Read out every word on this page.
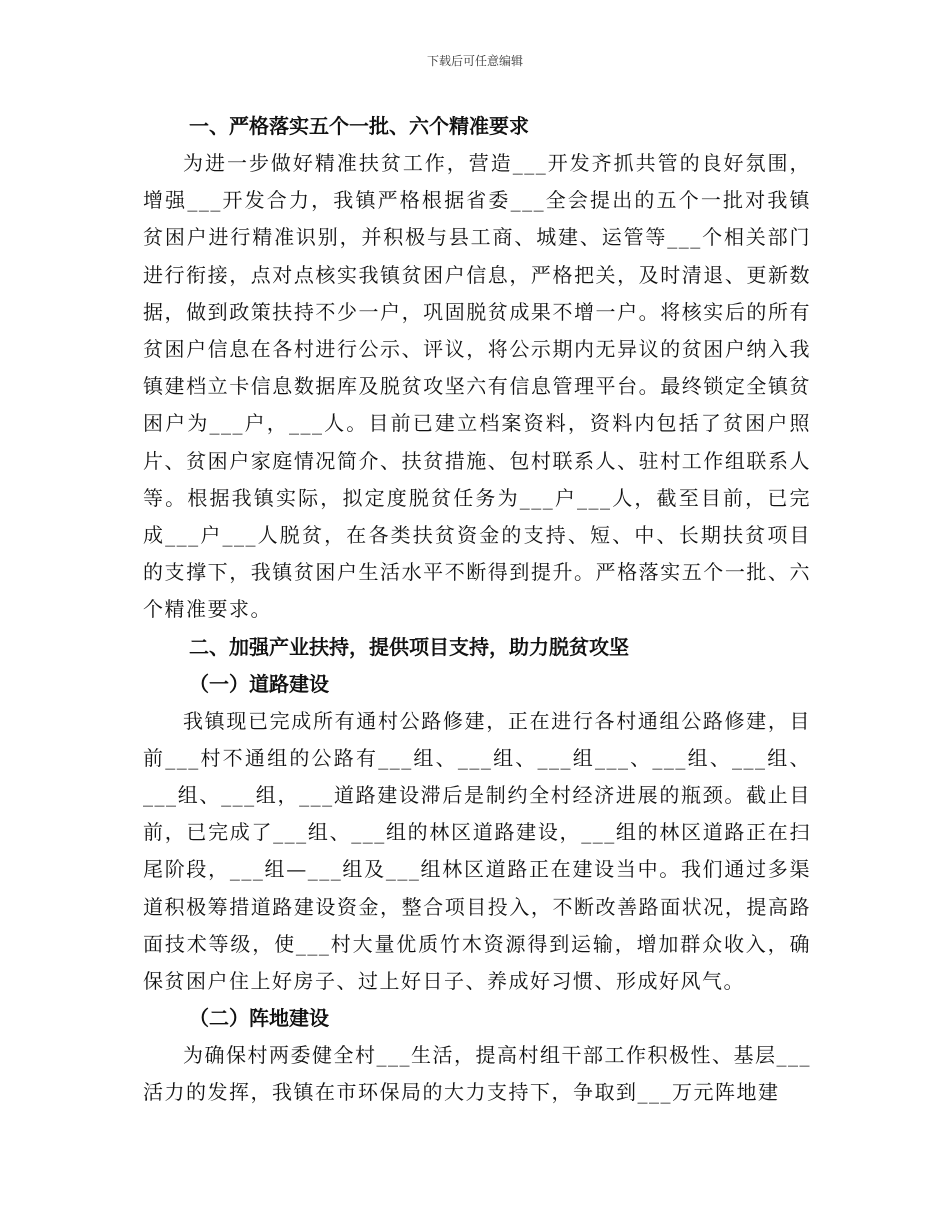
下载后可任意编辑
一、严格落实五个一批、六个精准要求

为进一步做好精准扶贫工作，营造___开发齐抓共管的良好氛围，增强___开发合力，我镇严格根据省委___全会提出的五个一批对我镇贫困户进行精准识别，并积极与县工商、城建、运管等___个相关部门进行衔接，点对点核实我镇贫困户信息，严格把关，及时清退、更新数据，做到政策扶持不少一户，巩固脱贫成果不增一户。将核实后的所有贫困户信息在各村进行公示、评议，将公示期内无异议的贫困户纳入我镇建档立卡信息数据库及脱贫攻坚六有信息管理平台。最终锁定全镇贫困户为___户，___人。目前已建立档案资料，资料内包括了贫困户照片、贫困户家庭情况简介、扶贫措施、包村联系人、驻村工作组联系人等。根据我镇实际，拟定度脱贫任务为___户___人，截至目前，已完成___户___人脱贫，在各类扶贫资金的支持、短、中、长期扶贫项目的支撑下，我镇贫困户生活水平不断得到提升。严格落实五个一批、六个精准要求。

二、加强产业扶持，提供项目支持，助力脱贫攻坚
（一）道路建设

我镇现已完成所有通村公路修建，正在进行各村通组公路修建，目前___村不通组的公路有___组、___组、___组___、___组、___组、___组、___组，___道路建设滞后是制约全村经济进展的瓶颈。截止目前，已完成了___组、___组的林区道路建设，___组的林区道路正在扫尾阶段，___组—___组及___组林区道路正在建设当中。我们通过多渠道积极筹措道路建设资金，整合项目投入，不断改善路面状况，提高路面技术等级，使___村大量优质竹木资源得到运输，增加群众收入，确保贫困户住上好房子、过上好日子、养成好习惯、形成好风气。

（二）阵地建设

为确保村两委健全村___生活，提高村组干部工作积极性、基层___活力的发挥，我镇在市环保局的大力支持下，争取到___万元阵地建
